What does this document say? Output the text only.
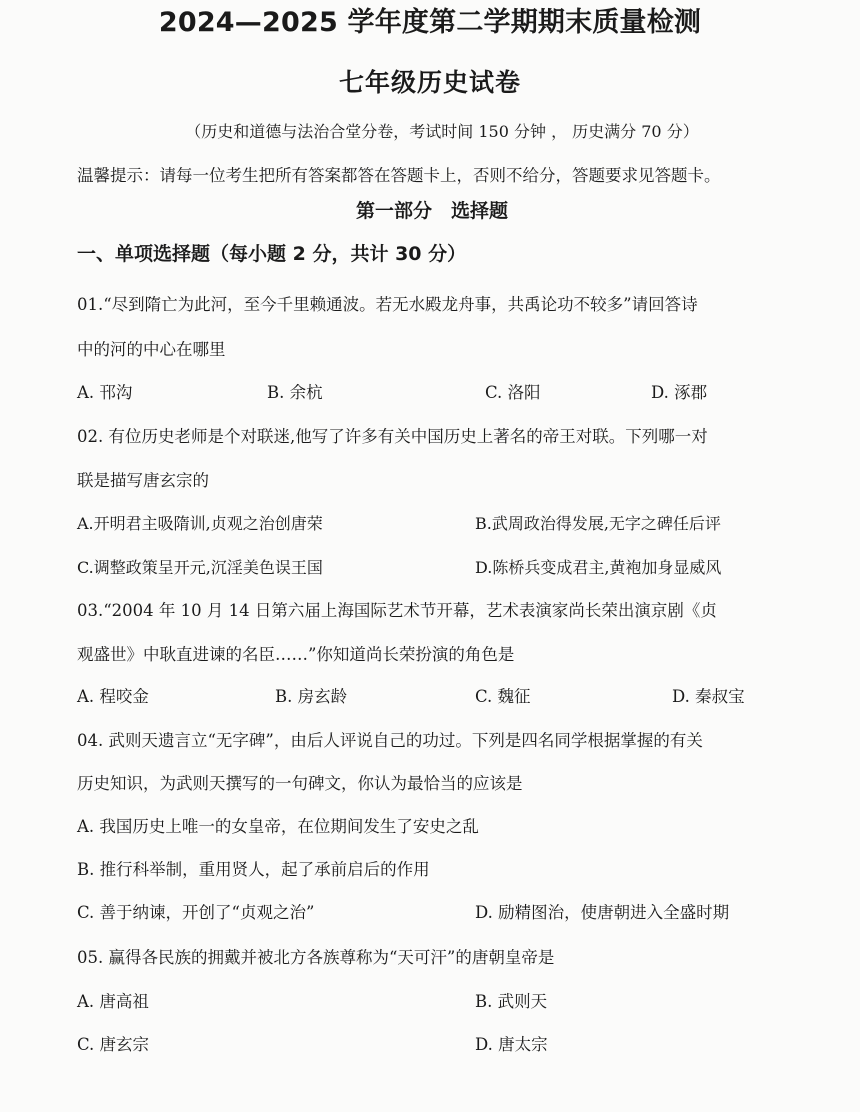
2024—2025 学年度第二学期期末质量检测
七年级历史试卷
（历史和道德与法治合堂分卷，考试时间 150 分钟 ， 历史满分 70 分）
温馨提示：请每一位考生把所有答案都答在答题卡上，否则不给分，答题要求见答题卡。
第一部分　选择题
一、单项选择题（每小题 2 分，共计 30 分）
01.“尽到隋亡为此河，至今千里赖通波。若无水殿龙舟事，共禹论功不较多”请回答诗
中的河的中心在哪里
A. 邗沟	B. 余杭	C. 洛阳	D. 涿郡
02. 有位历史老师是个对联迷,他写了许多有关中国历史上著名的帝王对联。下列哪一对
联是描写唐玄宗的
A.开明君主吸隋训,贞观之治创唐荣	B.武周政治得发展,无字之碑任后评
C.调整政策呈开元,沉淫美色误王国	D.陈桥兵变成君主,黄袍加身显威风
03.“2004 年 10 月 14 日第六届上海国际艺术节开幕，艺术表演家尚长荣出演京剧《贞
观盛世》中耿直进谏的名臣……”你知道尚长荣扮演的角色是
A. 程咬金	B. 房玄龄	C. 魏征	D. 秦叔宝
04. 武则天遗言立“无字碑”，由后人评说自己的功过。下列是四名同学根据掌握的有关
历史知识，为武则天撰写的一句碑文，你认为最恰当的应该是
A. 我国历史上唯一的女皇帝，在位期间发生了安史之乱
B. 推行科举制，重用贤人，起了承前启后的作用
C. 善于纳谏，开创了“贞观之治”	D. 励精图治，使唐朝进入全盛时期
05. 赢得各民族的拥戴并被北方各族尊称为“天可汗”的唐朝皇帝是
A. 唐高祖	B. 武则天
C. 唐玄宗	D. 唐太宗
